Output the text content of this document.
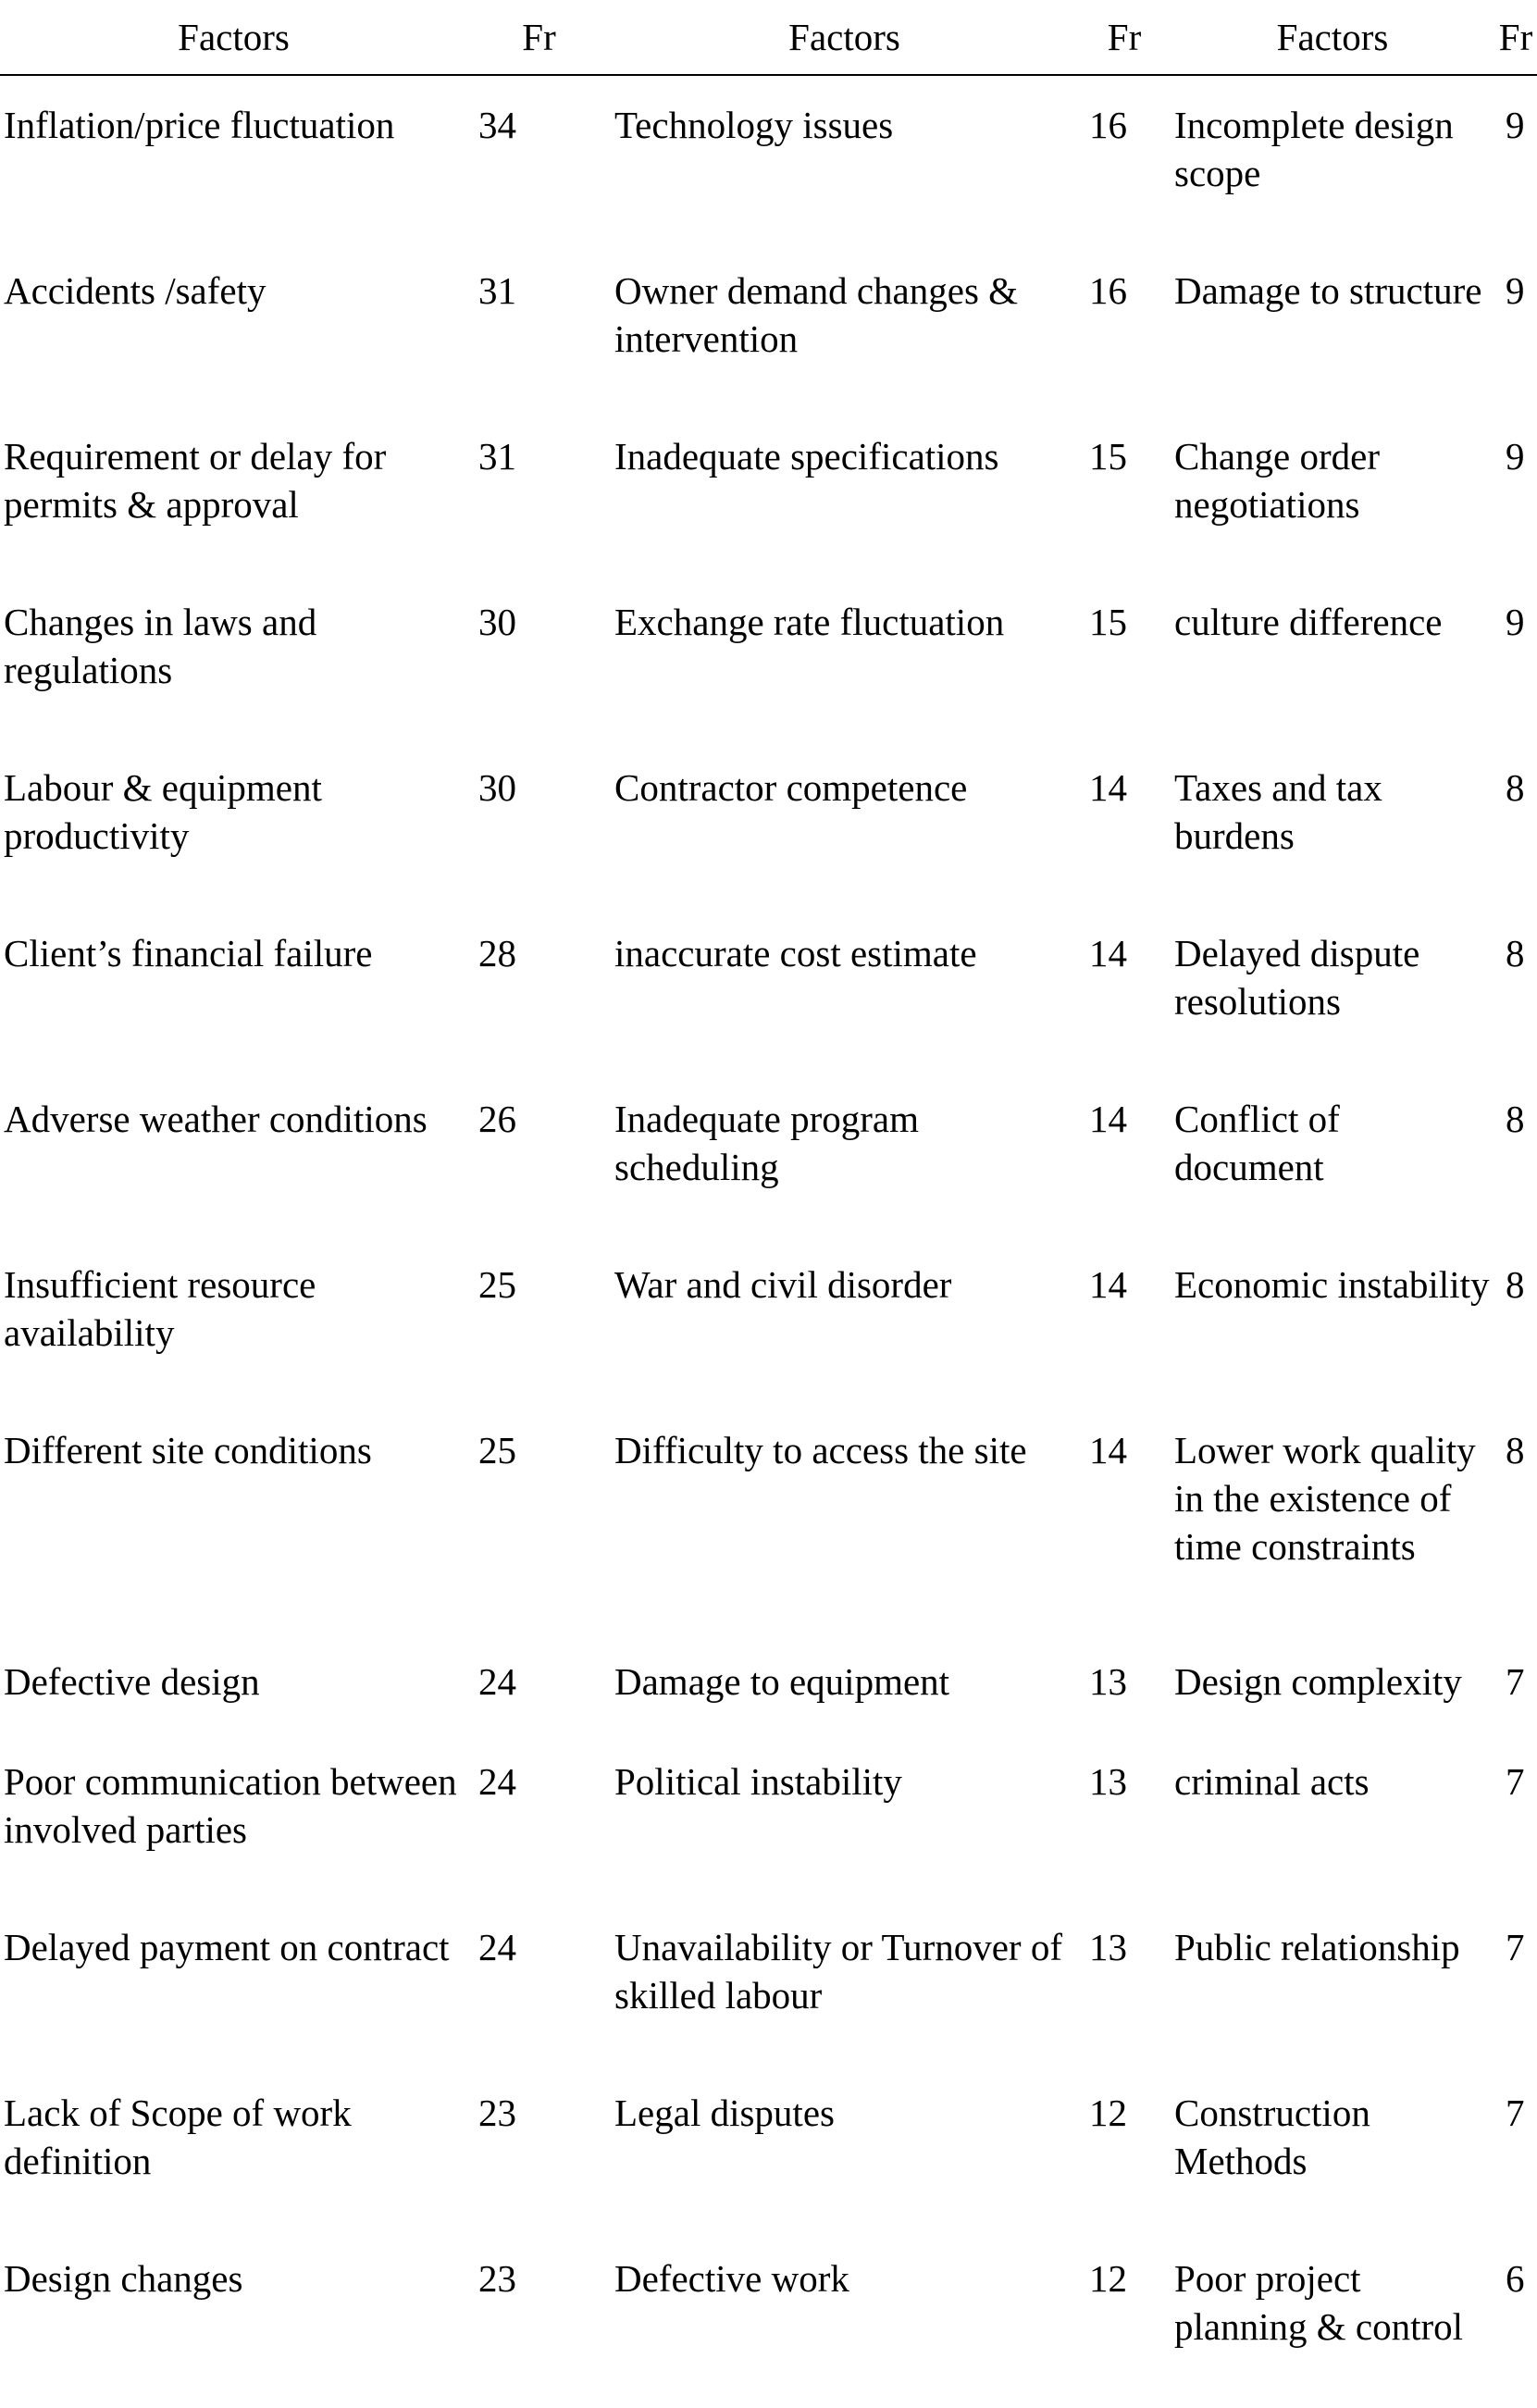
Factors	Fr	Factors	Fr	Factors	Fr
Inflation/price fluctuation	34	Technology issues	16	Incomplete design scope	9
Accidents /safety	31	Owner demand changes & intervention	16	Damage to structure	9
Requirement or delay for permits & approval	31	Inadequate specifications	15	Change order negotiations	9
Changes in laws and regulations	30	Exchange rate fluctuation	15	culture difference	9
Labour & equipment productivity	30	Contractor competence	14	Taxes and tax burdens	8
Client’s financial failure	28	inaccurate cost estimate	14	Delayed dispute resolutions	8
Adverse weather conditions	26	Inadequate program scheduling	14	Conflict of document	8
Insufficient resource availability	25	War and civil disorder	14	Economic instability	8
Different site conditions	25	Difficulty to access the site	14	Lower work quality in the existence of time constraints	8
Defective design	24	Damage to equipment	13	Design complexity	7
Poor communication between involved parties	24	Political instability	13	criminal acts	7
Delayed payment on contract	24	Unavailability or Turnover of skilled labour	13	Public relationship	7
Lack of Scope of work definition	23	Legal disputes	12	Construction Methods	7
Design changes	23	Defective work	12	Poor project planning & control	6
